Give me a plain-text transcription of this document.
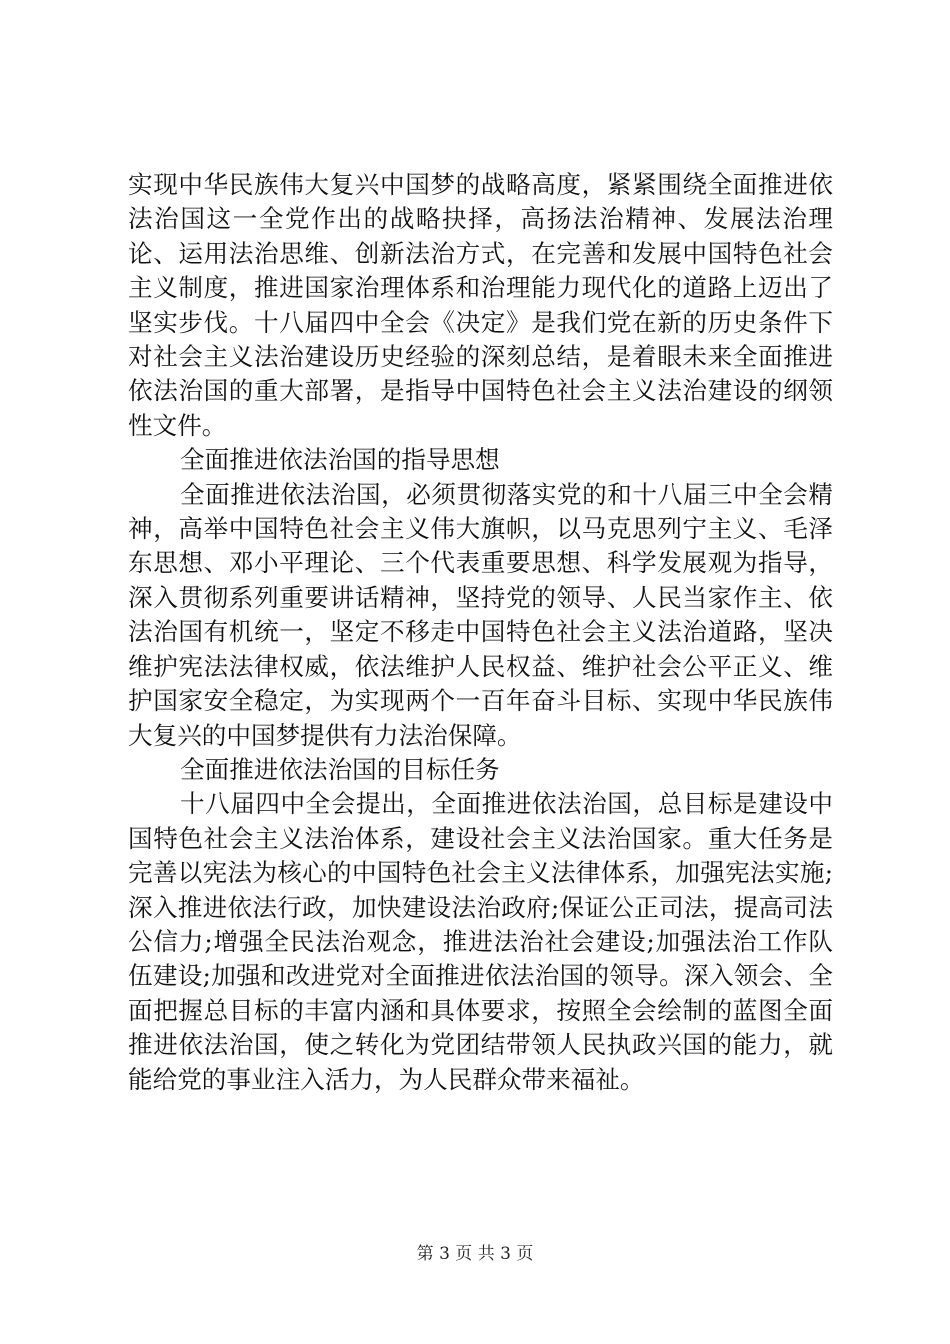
实现中华民族伟大复兴中国梦的战略高度，紧紧围绕全面推进依法治国这一全党作出的战略抉择，高扬法治精神、发展法治理论、运用法治思维、创新法治方式，在完善和发展中国特色社会主义制度，推进国家治理体系和治理能力现代化的道路上迈出了坚实步伐。十八届四中全会《决定》是我们党在新的历史条件下对社会主义法治建设历史经验的深刻总结，是着眼未来全面推进依法治国的重大部署，是指导中国特色社会主义法治建设的纲领性文件。

全面推进依法治国的指导思想

全面推进依法治国，必须贯彻落实党的和十八届三中全会精神，高举中国特色社会主义伟大旗帜，以马克思列宁主义、毛泽东思想、邓小平理论、三个代表重要思想、科学发展观为指导，深入贯彻系列重要讲话精神，坚持党的领导、人民当家作主、依法治国有机统一，坚定不移走中国特色社会主义法治道路，坚决维护宪法法律权威，依法维护人民权益、维护社会公平正义、维护国家安全稳定，为实现两个一百年奋斗目标、实现中华民族伟大复兴的中国梦提供有力法治保障。

全面推进依法治国的目标任务

十八届四中全会提出，全面推进依法治国，总目标是建设中国特色社会主义法治体系，建设社会主义法治国家。重大任务是完善以宪法为核心的中国特色社会主义法律体系，加强宪法实施;深入推进依法行政，加快建设法治政府;保证公正司法，提高司法公信力;增强全民法治观念，推进法治社会建设;加强法治工作队伍建设;加强和改进党对全面推进依法治国的领导。深入领会、全面把握总目标的丰富内涵和具体要求，按照全会绘制的蓝图全面推进依法治国，使之转化为党团结带领人民执政兴国的能力，就能给党的事业注入活力，为人民群众带来福祉。

第 3 页 共 3 页
